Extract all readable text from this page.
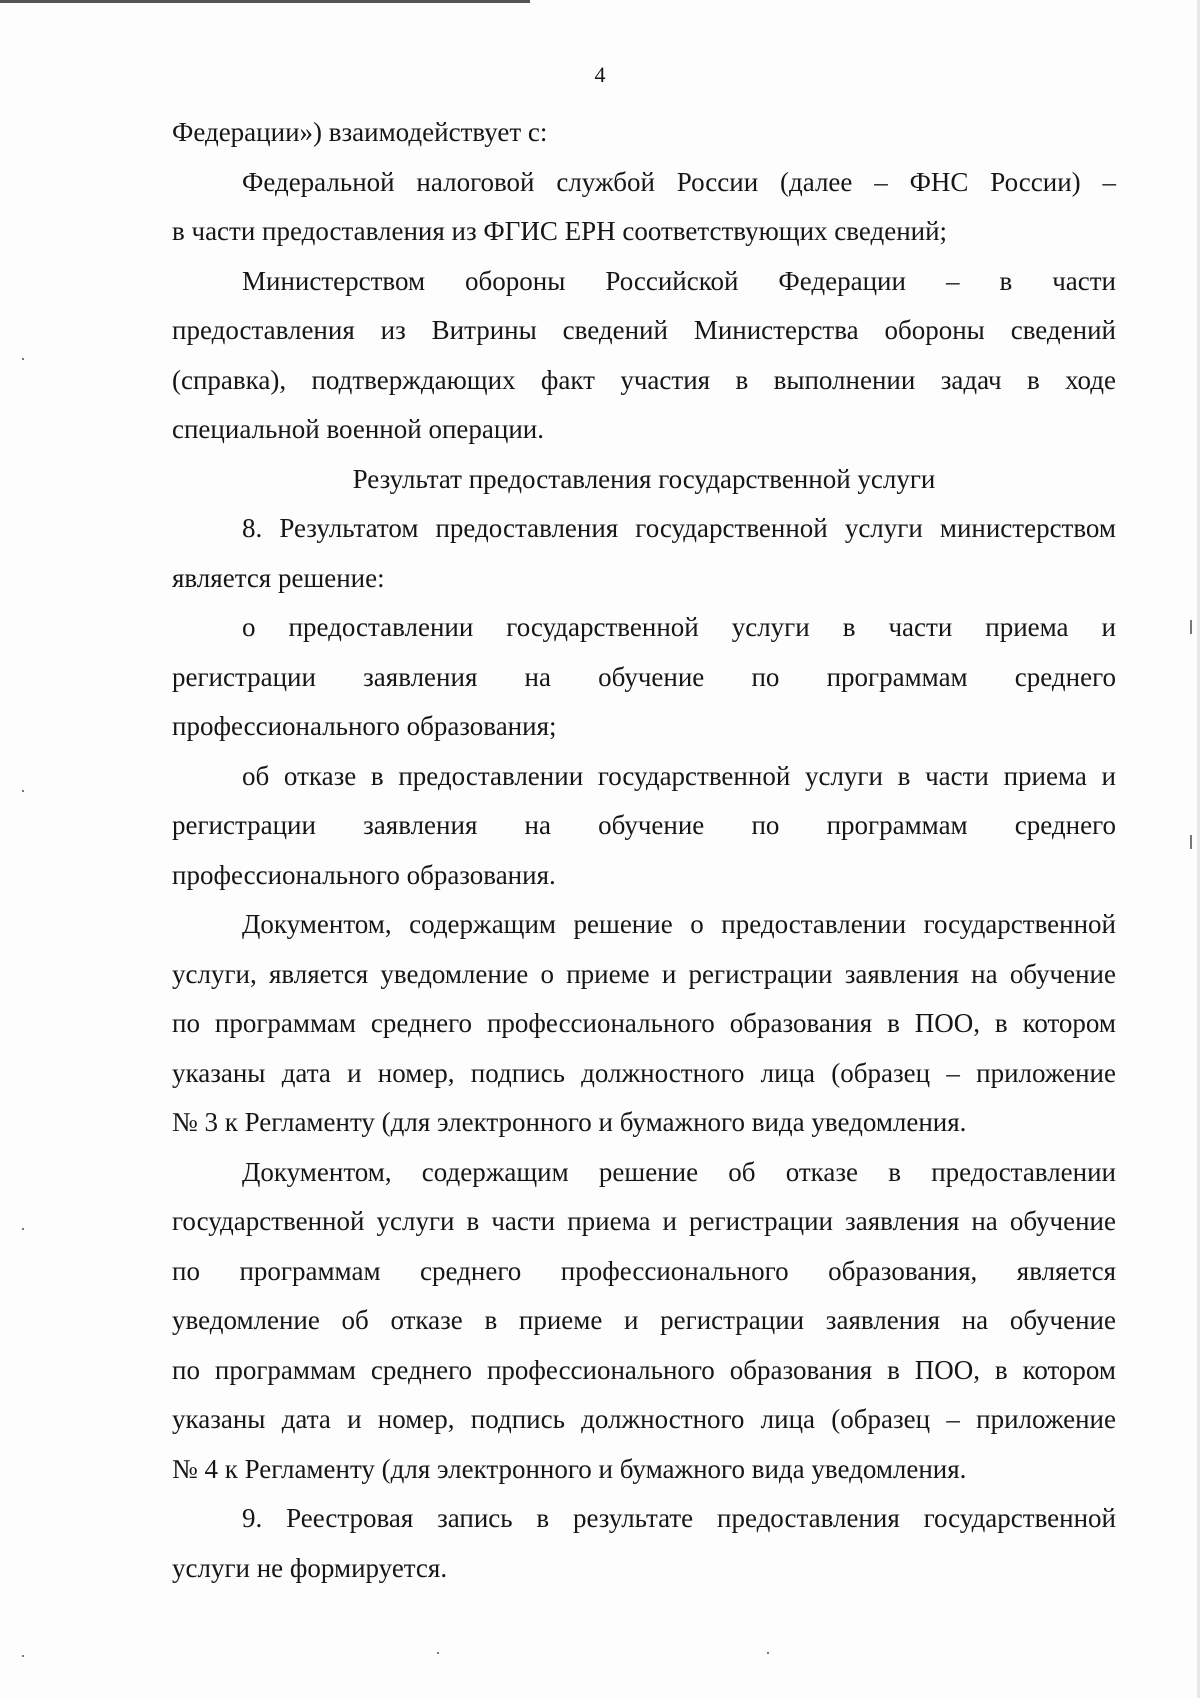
4
Федерации») взаимодействует с:
Федеральной налоговой службой России (далее – ФНС России) –
в части предоставления из ФГИС ЕРН соответствующих сведений;
Министерством обороны Российской Федерации – в части
предоставления из Витрины сведений Министерства обороны сведений
(справка), подтверждающих факт участия в выполнении задач в ходе
специальной военной операции.
Результат предоставления государственной услуги
8. Результатом предоставления государственной услуги министерством
является решение:
о предоставлении государственной услуги в части приема и
регистрации заявления на обучение по программам среднего
профессионального образования;
об отказе в предоставлении государственной услуги в части приема и
регистрации заявления на обучение по программам среднего
профессионального образования.
Документом, содержащим решение о предоставлении государственной
услуги, является уведомление о приеме и регистрации заявления на обучение
по программам среднего профессионального образования в ПОО, в котором
указаны дата и номер, подпись должностного лица (образец – приложение
№ 3 к Регламенту (для электронного и бумажного вида уведомления.
Документом, содержащим решение об отказе в предоставлении
государственной услуги в части приема и регистрации заявления на обучение
по программам среднего профессионального образования, является
уведомление об отказе в приеме и регистрации заявления на обучение
по программам среднего профессионального образования в ПОО, в котором
указаны дата и номер, подпись должностного лица (образец – приложение
№ 4 к Регламенту (для электронного и бумажного вида уведомления.
9. Реестровая запись в результате предоставления государственной
услуги не формируется.
